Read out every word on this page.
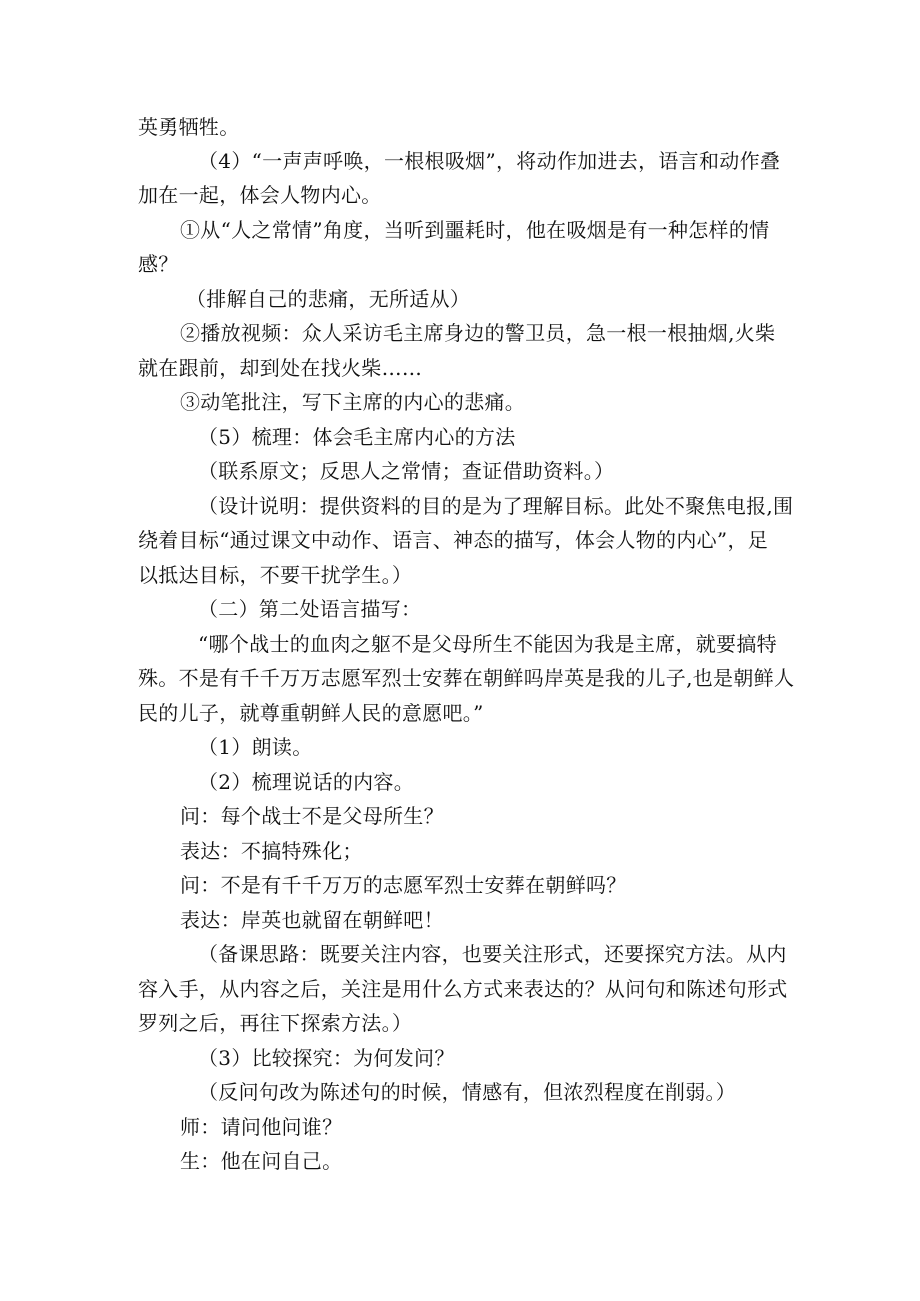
英勇牺牲。
（4）“一声声呼唤，一根根吸烟”，将动作加进去，语言和动作叠
加在一起，体会人物内心。
①从“人之常情”角度，当听到噩耗时，他在吸烟是有一种怎样的情
感？
（排解自己的悲痛，无所适从）
②播放视频：众人采访毛主席身边的警卫员，急一根一根抽烟,火柴
就在跟前，却到处在找火柴……
③动笔批注，写下主席的内心的悲痛。
（5）梳理：体会毛主席内心的方法
（联系原文；反思人之常情；查证借助资料。）
（设计说明：提供资料的目的是为了理解目标。此处不聚焦电报,围
绕着目标“通过课文中动作、语言、神态的描写，体会人物的内心”，足
以抵达目标，不要干扰学生。）
（二）第二处语言描写：
“哪个战士的血肉之躯不是父母所生不能因为我是主席，就要搞特
殊。不是有千千万万志愿军烈士安葬在朝鲜吗岸英是我的儿子,也是朝鲜人
民的儿子，就尊重朝鲜人民的意愿吧。”
（1）朗读。
（2）梳理说话的内容。
问：每个战士不是父母所生？
表达：不搞特殊化；
问：不是有千千万万的志愿军烈士安葬在朝鲜吗？
表达：岸英也就留在朝鲜吧！
（备课思路：既要关注内容，也要关注形式，还要探究方法。从内
容入手，从内容之后，关注是用什么方式来表达的？从问句和陈述句形式
罗列之后，再往下探索方法。）
（3）比较探究：为何发问？
（反问句改为陈述句的时候，情感有，但浓烈程度在削弱。）
师：请问他问谁？
生：他在问自己。
